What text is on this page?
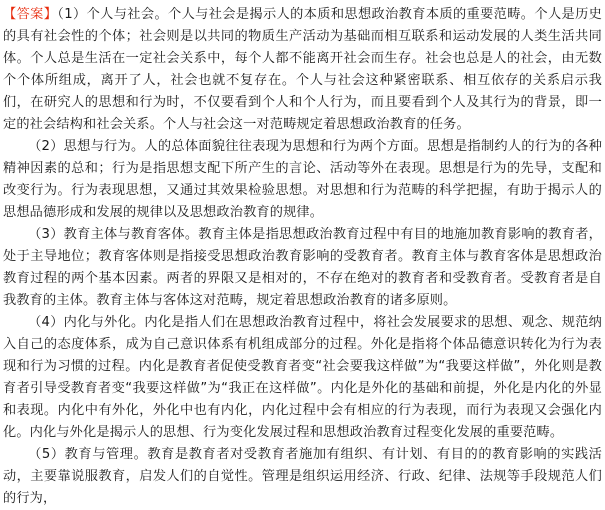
【答案】（1）个人与社会。个人与社会是揭示人的本质和思想政治教育本质的重要范畴。个人是历史的具有社会性的个体；社会则是以共同的物质生产活动为基础而相互联系和运动发展的人类生活共同体。个人总是生活在一定社会关系中，每个人都不能离开社会而生存。社会也总是人的社会，由无数个个体所组成，离开了人，社会也就不复存在。个人与社会这种紧密联系、相互依存的关系启示我们，在研究人的思想和行为时，不仅要看到个人和个人行为，而且要看到个人及其行为的背景，即一定的社会结构和社会关系。个人与社会这一对范畴规定着思想政治教育的任务。

（2）思想与行为。人的总体面貌往往表现为思想和行为两个方面。思想是指制约人的行为的各种精神因素的总和；行为是指思想支配下所产生的言论、活动等外在表现。思想是行为的先导，支配和改变行为。行为表现思想，又通过其效果检验思想。对思想和行为范畴的科学把握，有助于揭示人的思想品德形成和发展的规律以及思想政治教育的规律。

（3）教育主体与教育客体。教育主体是指思想政治教育过程中有目的地施加教育影响的教育者，处于主导地位；教育客体则是指接受思想政治教育影响的受教育者。教育主体与教育客体是思想政治教育过程的两个基本因素。两者的界限又是相对的，不存在绝对的教育者和受教育者。受教育者是自我教育的主体。教育主体与客体这对范畴，规定着思想政治教育的诸多原则。

（4）内化与外化。内化是指人们在思想政治教育过程中，将社会发展要求的思想、观念、规范纳入自己的态度体系，成为自己意识体系有机组成部分的过程。外化是指将个体品德意识转化为行为表现和行为习惯的过程。内化是教育者促使受教育者变“社会要我这样做”为“我要这样做”，外化则是教育者引导受教育者变“我要这样做”为“我正在这样做”。内化是外化的基础和前提，外化是内化的外显和表现。内化中有外化，外化中也有内化，内化过程中会有相应的行为表现，而行为表现又会强化内化。内化与外化是揭示人的思想、行为变化发展过程和思想政治教育过程变化发展的重要范畴。

（5）教育与管理。教育是教育者对受教育者施加有组织、有计划、有目的的教育影响的实践活动，主要靠说服教育，启发人们的自觉性。管理是组织运用经济、行政、纪律、法规等手段规范人们的行为，
